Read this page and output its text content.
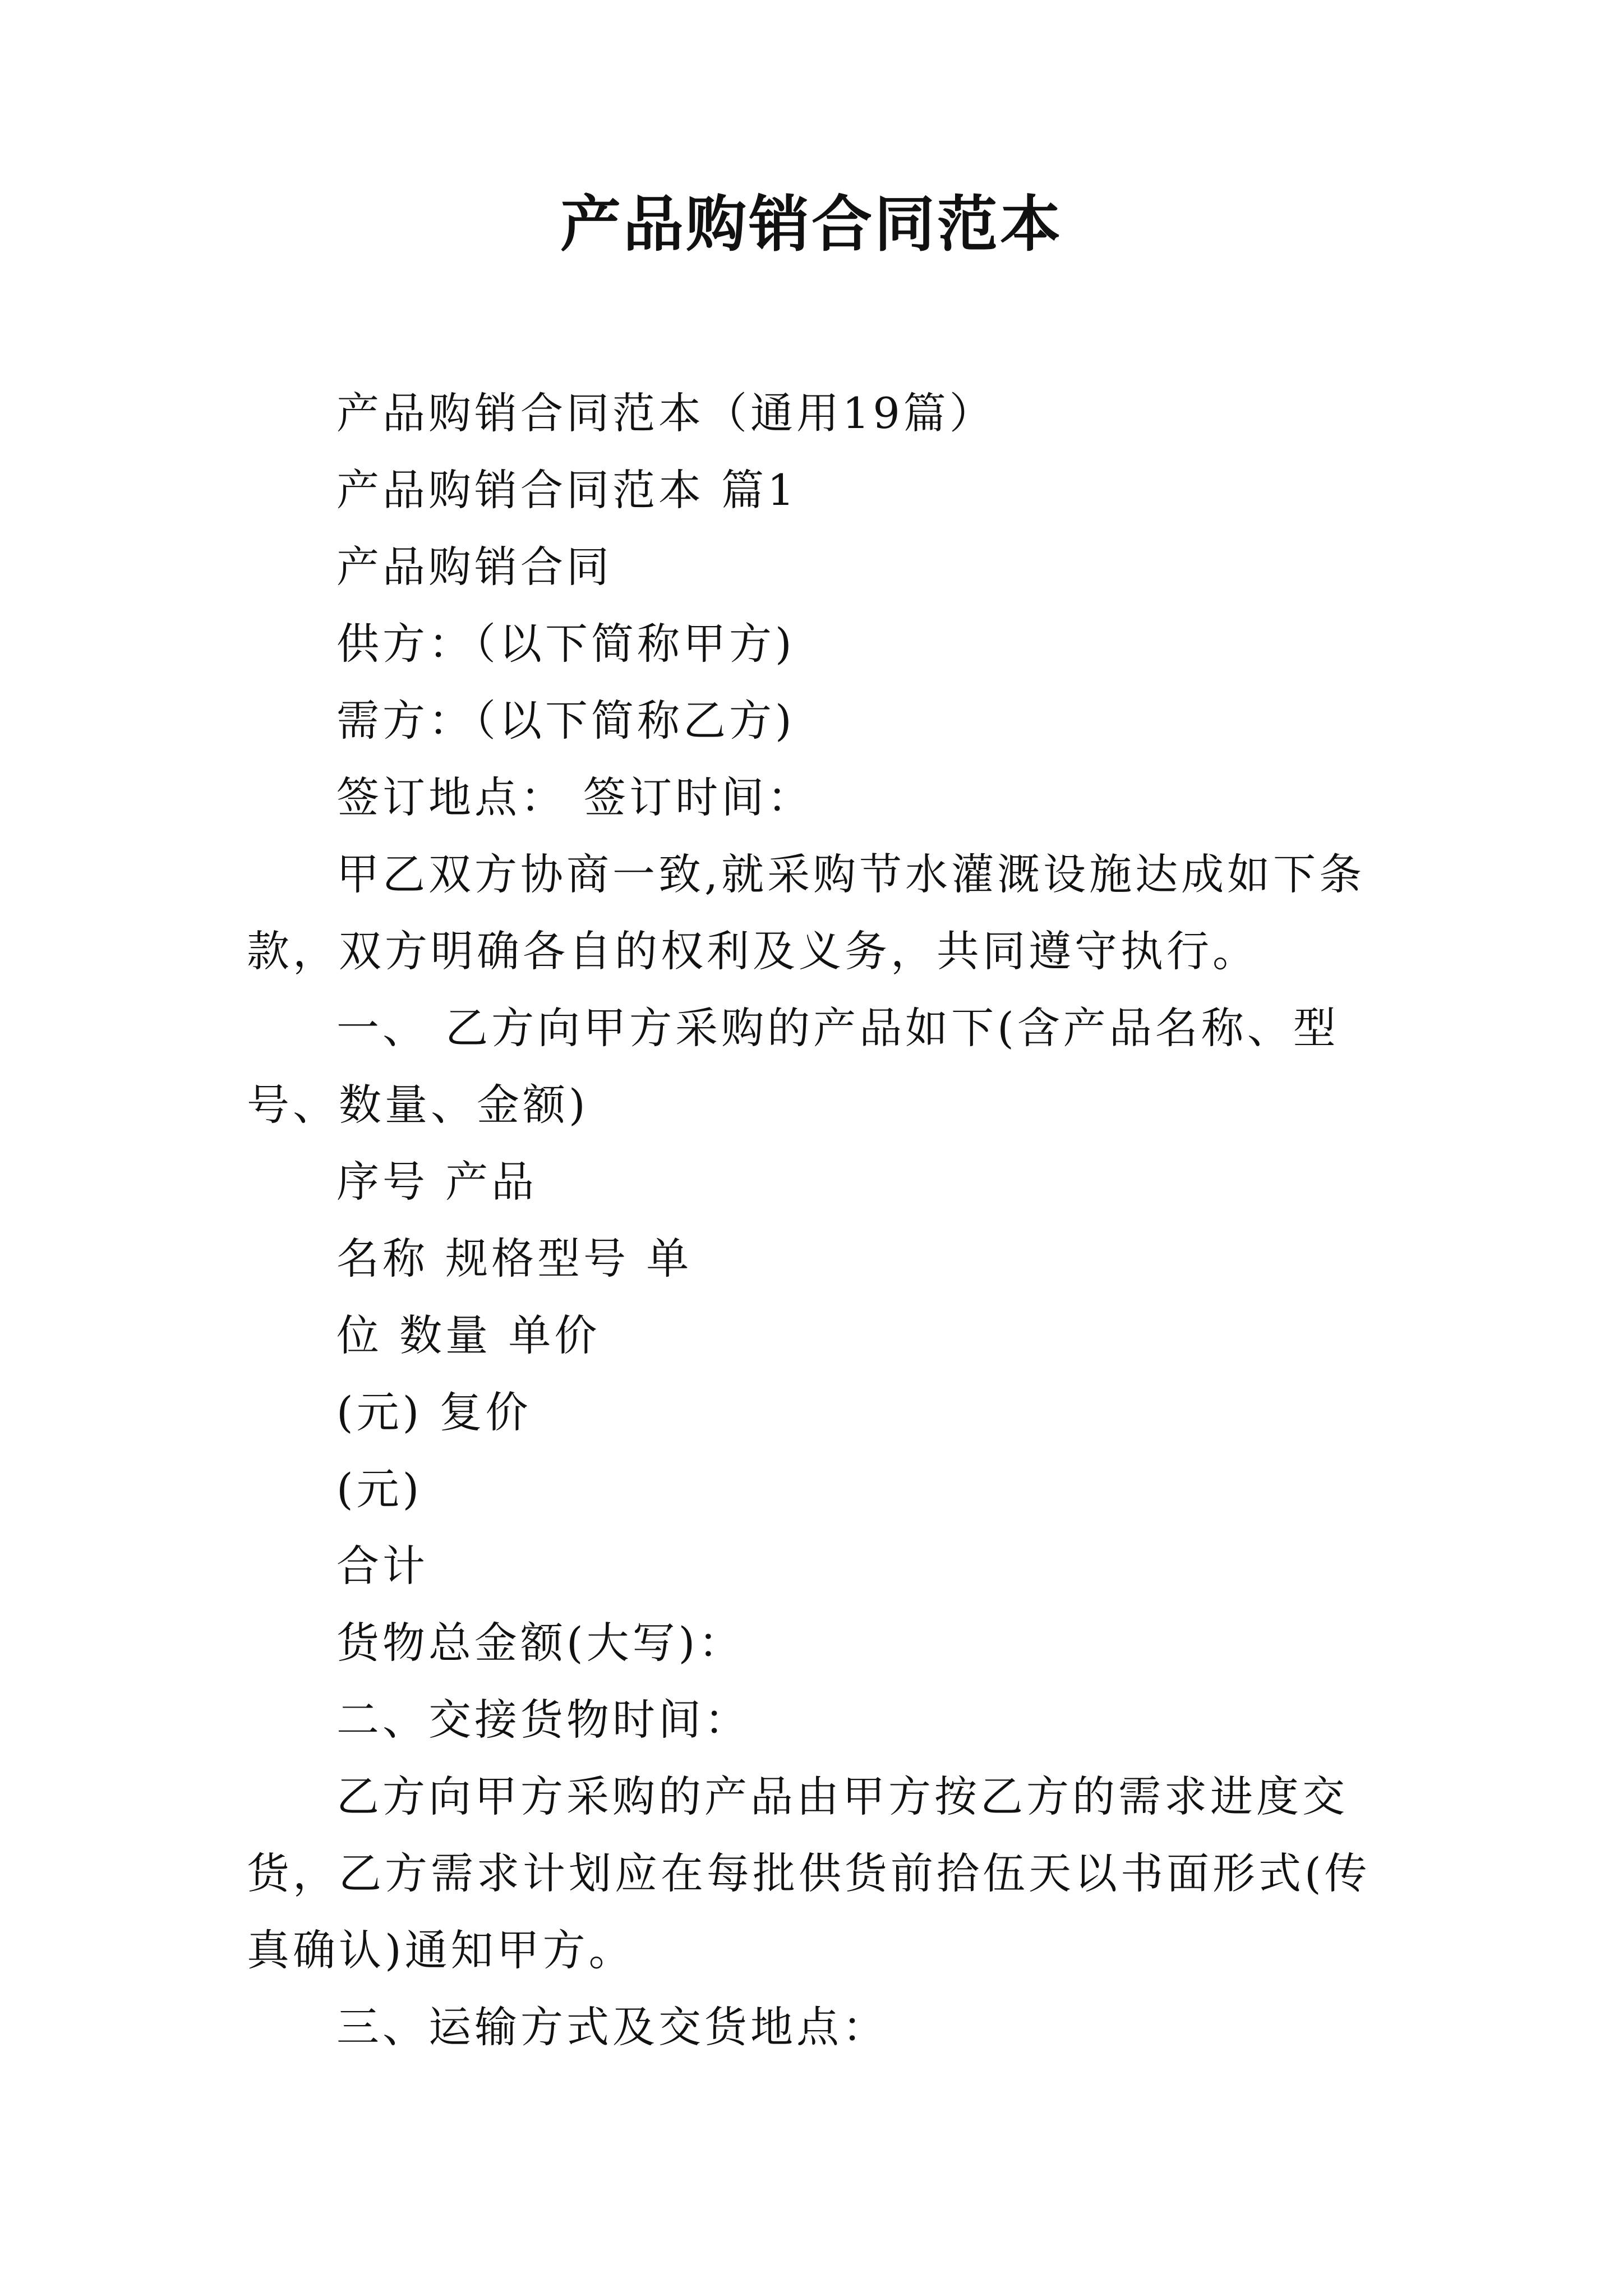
产品购销合同范本

产品购销合同范本（通用19篇）

产品购销合同范本 篇1

产品购销合同

供方：（以下简称甲方)

需方：（以下简称乙方)

签订地点： 签订时间：

甲乙双方协商一致,就采购节水灌溉设施达成如下条款，双方明确各自的权利及义务，共同遵守执行。

一、 乙方向甲方采购的产品如下(含产品名称、型号、数量、金额)

序号 产品

名称 规格型号 单

位 数量 单价

(元) 复价

(元)

合计

货物总金额(大写)：

二、交接货物时间：

乙方向甲方采购的产品由甲方按乙方的需求进度交货，乙方需求计划应在每批供货前拾伍天以书面形式(传真确认)通知甲方。

三、运输方式及交货地点：
